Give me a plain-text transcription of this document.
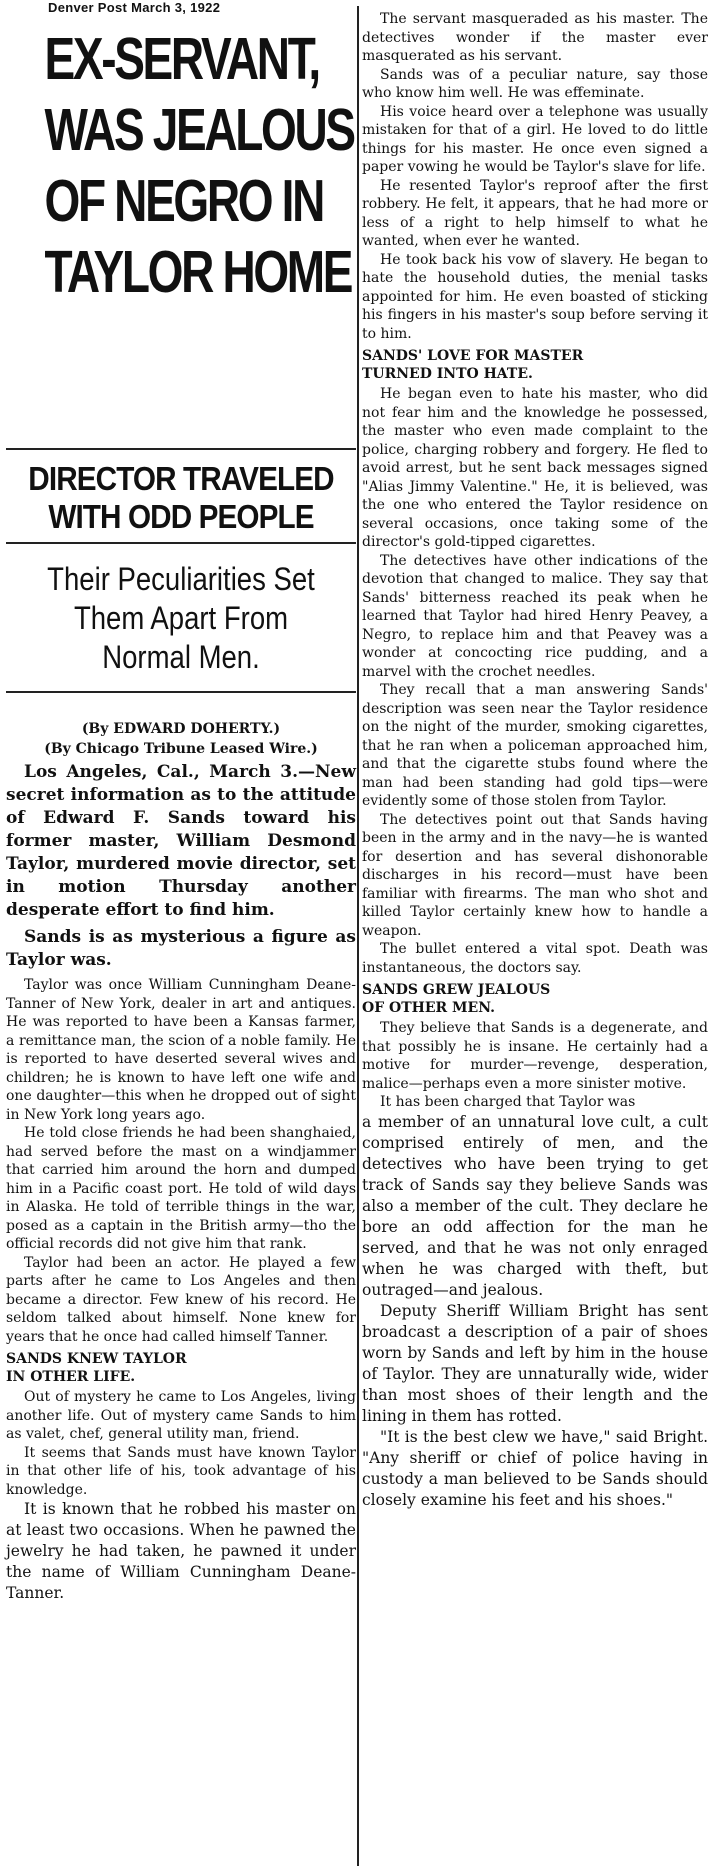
Denver Post March 3, 1922
EX-SERVANT,
WAS JEALOUS
OF NEGRO IN
TAYLOR HOME
DIRECTOR TRAVELED
WITH ODD PEOPLE
Their Peculiarities Set
Them Apart From
Normal Men.
(By EDWARD DOHERTY.)
(By Chicago Tribune Leased Wire.)

Los Angeles, Cal., March 3.—New secret information as to the attitude of Edward F. Sands toward his former master, William Desmond Taylor, murdered movie director, set in motion Thursday another desperate effort to find him.

Sands is as mysterious a figure as Taylor was.

Taylor was once William Cunningham Deane-Tanner of New York, dealer in art and antiques. He was reported to have been a Kansas farmer, a remittance man, the scion of a noble family. He is reported to have deserted several wives and children; he is known to have left one wife and one daughter—this when he dropped out of sight in New York long years ago.

He told close friends he had been shanghaied, had served before the mast on a windjammer that carried him around the horn and dumped him in a Pacific coast port. He told of wild days in Alaska. He told of terrible things in the war, posed as a captain in the British army—tho the official records did not give him that rank.

Taylor had been an actor. He played a few parts after he came to Los Angeles and then became a director. Few knew of his record. He seldom talked about himself. None knew for years that he once had called himself Tanner.

SANDS KNEW TAYLOR
IN OTHER LIFE.

Out of mystery he came to Los Angeles, living another life. Out of mystery came Sands to him as valet, chef, general utility man, friend.

It seems that Sands must have known Taylor in that other life of his, took advantage of his knowledge.

It is known that he robbed his master on at least two occasions. When he pawned the jewelry he had taken, he pawned it under the name of William Cunningham Deane-Tanner.

The servant masqueraded as his master. The detectives wonder if the master ever masquerated as his servant.

Sands was of a peculiar nature, say those who know him well. He was effeminate.

His voice heard over a telephone was usually mistaken for that of a girl. He loved to do little things for his master. He once even signed a paper vowing he would be Taylor's slave for life.

He resented Taylor's reproof after the first robbery. He felt, it appears, that he had more or less of a right to help himself to what he wanted, when ever he wanted.

He took back his vow of slavery. He began to hate the household duties, the menial tasks appointed for him. He even boasted of sticking his fingers in his master's soup before serving it to him.

SANDS' LOVE FOR MASTER
TURNED INTO HATE.

He began even to hate his master, who did not fear him and the knowledge he possessed, the master who even made complaint to the police, charging robbery and forgery. He fled to avoid arrest, but he sent back messages signed "Alias Jimmy Valentine." He, it is believed, was the one who entered the Taylor residence on several occasions, once taking some of the director's gold-tipped cigarettes.

The detectives have other indications of the devotion that changed to malice. They say that Sands' bitterness reached its peak when he learned that Taylor had hired Henry Peavey, a Negro, to replace him and that Peavey was a wonder at concocting rice pudding, and a marvel with the crochet needles.

They recall that a man answering Sands' description was seen near the Taylor residence on the night of the murder, smoking cigarettes, that he ran when a policeman approached him, and that the cigarette stubs found where the man had been standing had gold tips—were evidently some of those stolen from Taylor.

The detectives point out that Sands having been in the army and in the navy—he is wanted for desertion and has several dishonorable discharges in his record—must have been familiar with firearms. The man who shot and killed Taylor certainly knew how to handle a weapon.

The bullet entered a vital spot. Death was instantaneous, the doctors say.

SANDS GREW JEALOUS
OF OTHER MEN.

They believe that Sands is a degenerate, and that possibly he is insane. He certainly had a motive for murder—revenge, desperation, malice—perhaps even a more sinister motive.

It has been charged that Taylor was

a member of an unnatural love cult, a cult comprised entirely of men, and the detectives who have been trying to get track of Sands say they believe Sands was also a member of the cult. They declare he bore an odd affection for the man he served, and that he was not only enraged when he was charged with theft, but outraged—and jealous.

Deputy Sheriff William Bright has sent broadcast a description of a pair of shoes worn by Sands and left by him in the house of Taylor. They are unnaturally wide, wider than most shoes of their length and the lining in them has rotted.

"It is the best clew we have," said Bright. "Any sheriff or chief of police having in custody a man believed to be Sands should closely examine his feet and his shoes."
